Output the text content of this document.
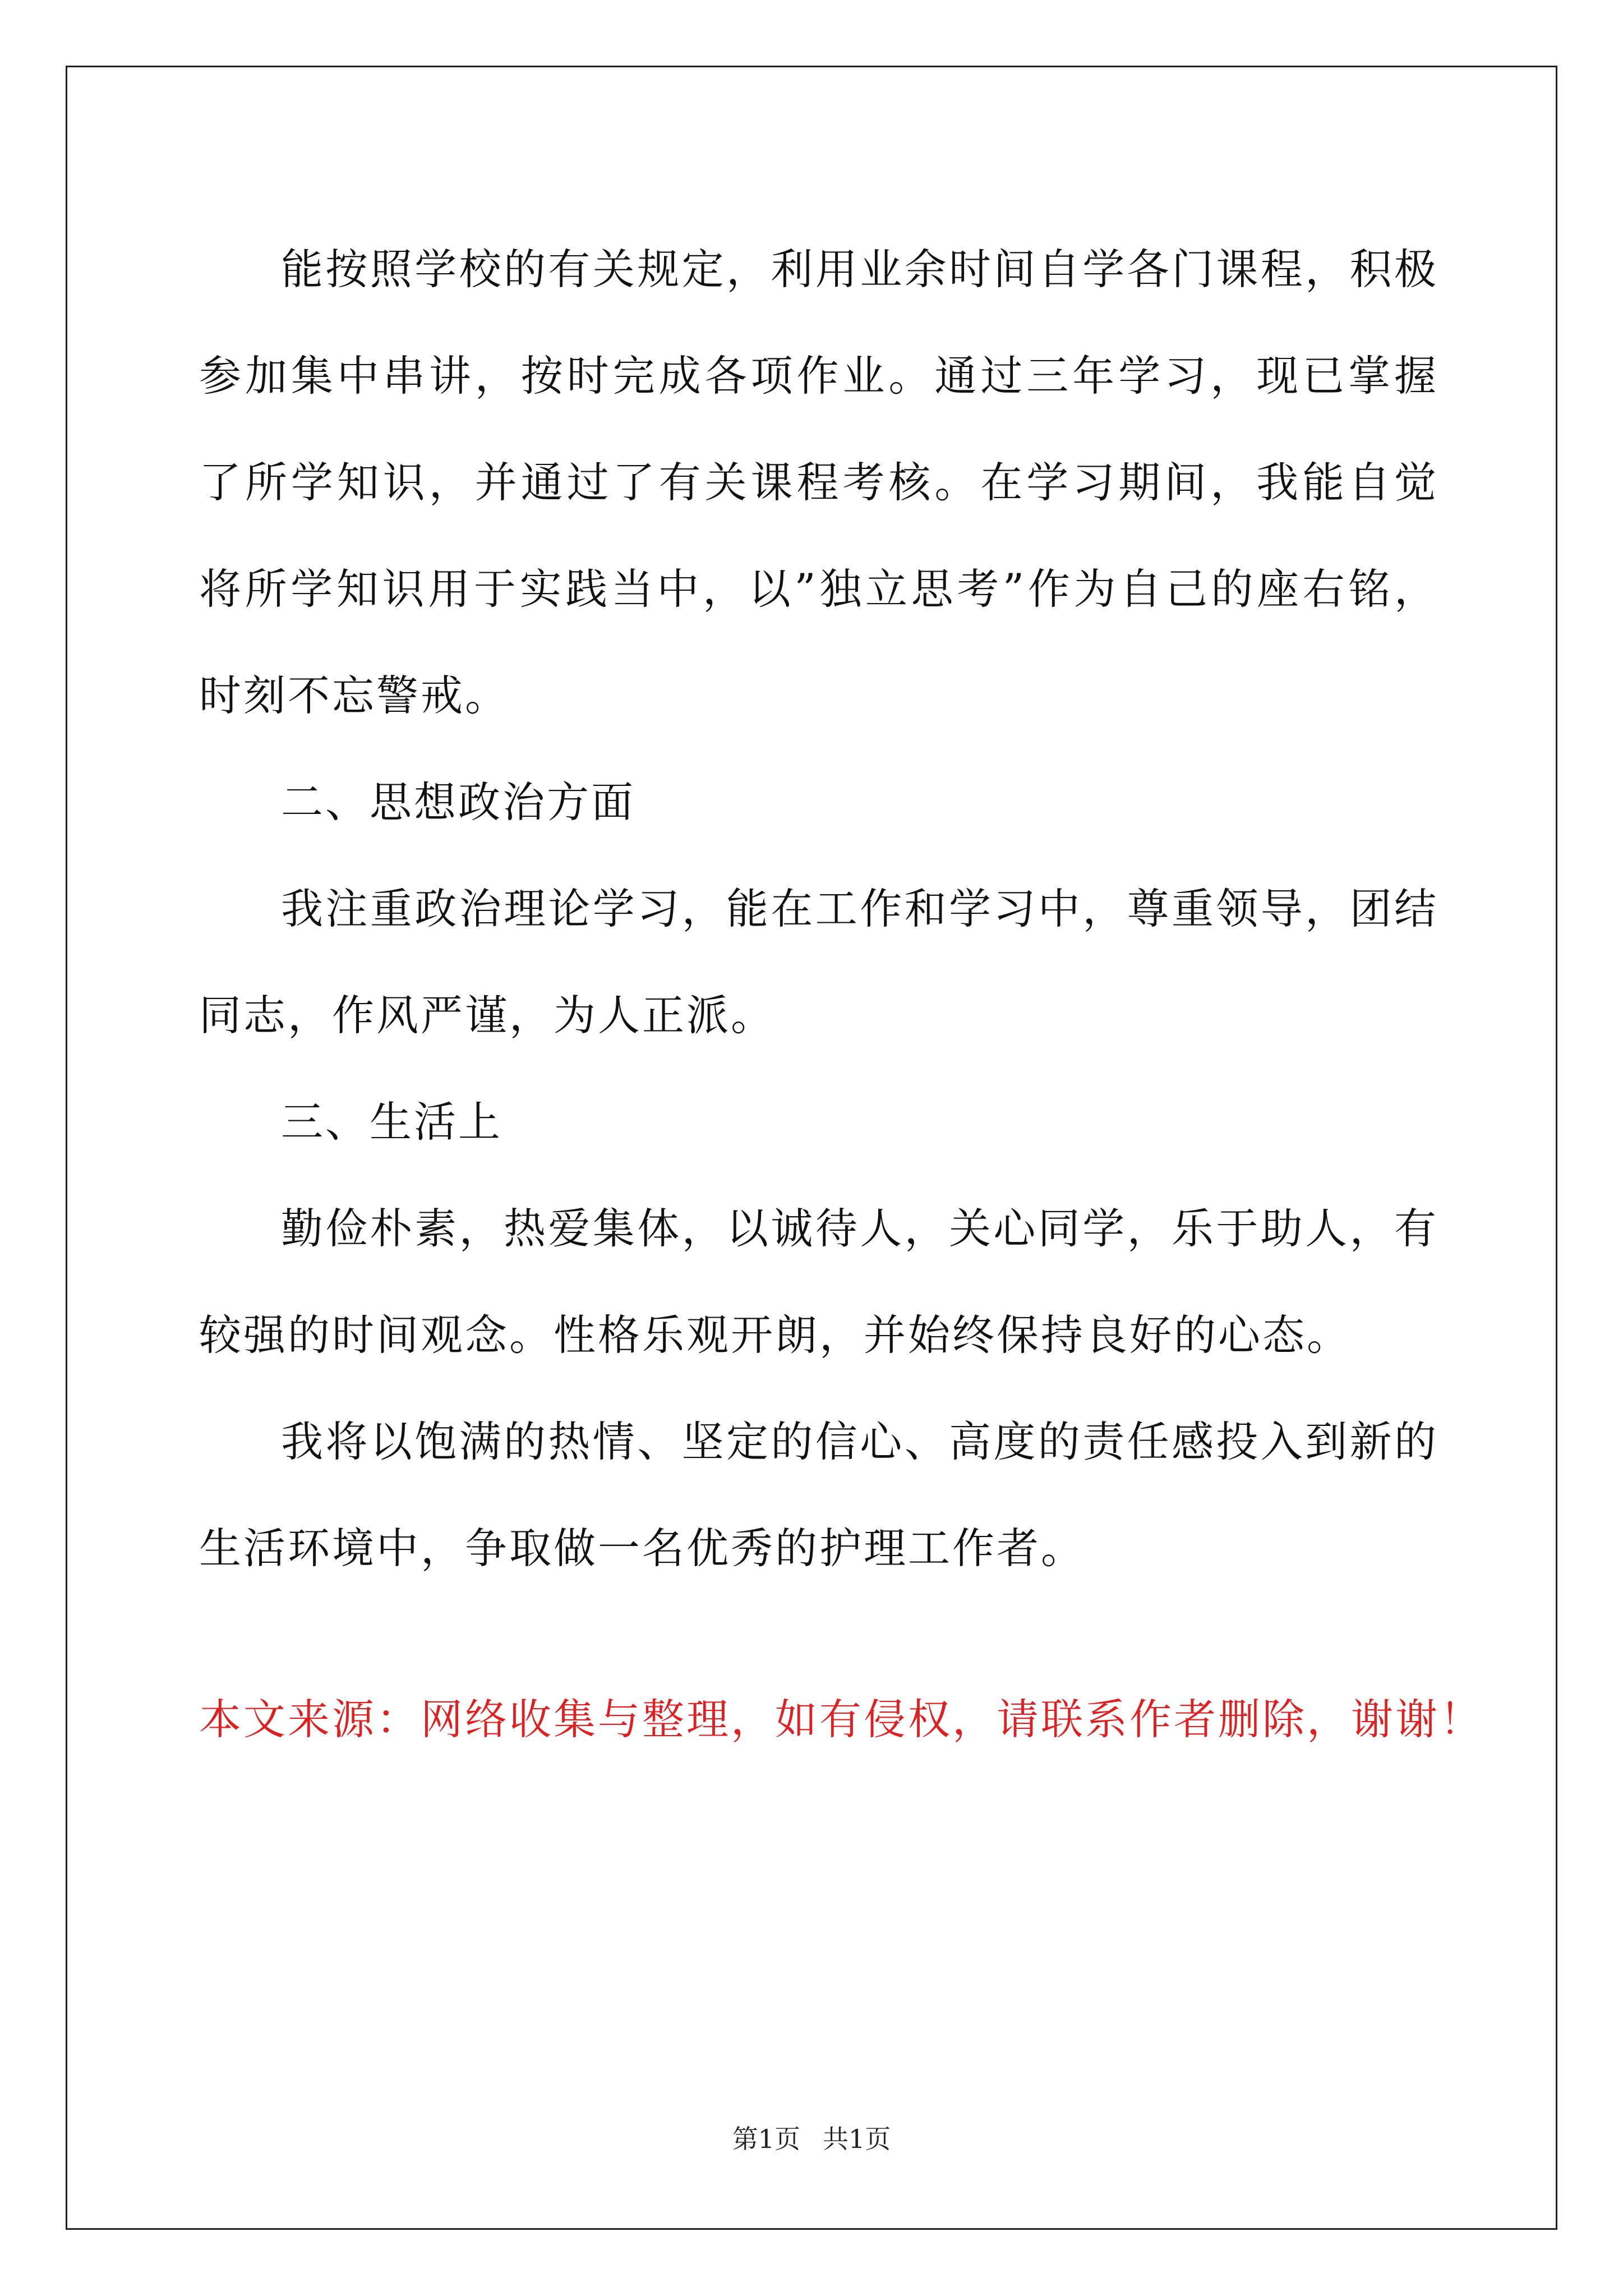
能按照学校的有关规定，利用业余时间自学各门课程，积极参加集中串讲，按时完成各项作业。通过三年学习，现已掌握了所学知识，并通过了有关课程考核。在学习期间，我能自觉将所学知识用于实践当中，以”独立思考”作为自己的座右铭，时刻不忘警戒。

二、思想政治方面

我注重政治理论学习，能在工作和学习中，尊重领导，团结同志，作风严谨，为人正派。

三、生活上

勤俭朴素，热爱集体，以诚待人，关心同学，乐于助人，有较强的时间观念。性格乐观开朗，并始终保持良好的心态。

我将以饱满的热情、坚定的信心、高度的责任感投入到新的生活环境中，争取做一名优秀的护理工作者。

本文来源：网络收集与整理，如有侵权，请联系作者删除，谢谢！
第1页 共1页
